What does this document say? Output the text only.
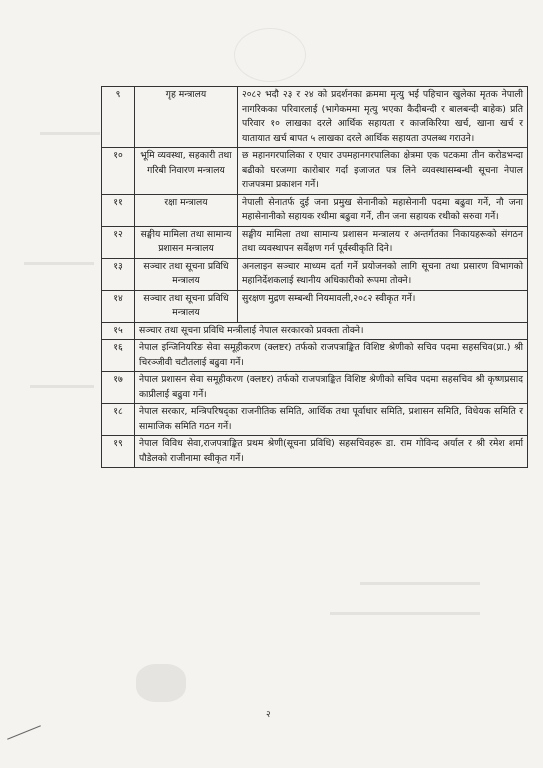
९	गृह मन्त्रालय	२०८२ भदौ २३ र २४ को प्रदर्शनका क्रममा मृत्यु भई पहिचान खुलेका मृतक नेपाली नागरिकका परिवारलाई (भागेकममा मृत्यु भएका कैदीबन्दी र बालबन्दी बाहेक) प्रति परिवार १० लाखका दरले आर्थिक सहायता र काजकिरिया खर्च, खाना खर्च र यातायात खर्च बापत ५ लाखका दरले आर्थिक सहायता उपलब्ध गराउने।
१०	भूमि व्यवस्था, सहकारी तथा गरिबी निवारण मन्त्रालय	छ महानगरपालिका र एघार उपमहानगरपालिका क्षेत्रमा एक पटकमा तीन करोडभन्दा बढीको घरजग्गा कारोबार गर्दा इजाजत पत्र लिने व्यवस्थासम्बन्धी सूचना नेपाल राजपत्रमा प्रकाशन गर्ने।
११	रक्षा मन्त्रालय	नेपाली सेनातर्फ दुई जना प्रमुख सेनानीको महासेनानी पदमा बढुवा गर्ने, नौ जना महासेनानीको सहायक रथीमा बढुवा गर्ने, तीन जना सहायक रथीको सरुवा गर्ने।
१२	सङ्घीय मामिला तथा सामान्य प्रशासन मन्त्रालय	सङ्घीय मामिला तथा सामान्य प्रशासन मन्त्रालय र अन्तर्गतका निकायहरूको संगठन तथा व्यवस्थापन सर्वेक्षण गर्न पूर्वस्वीकृति दिने।
१३	सञ्चार तथा सूचना प्रविधि मन्त्रालय	अनलाइन सञ्चार माध्यम दर्ता गर्ने प्रयोजनको लागि सूचना तथा प्रसारण विभागको महानिर्देशकलाई स्थानीय अधिकारीको रूपमा तोक्ने।
१४	सञ्चार तथा सूचना प्रविधि मन्त्रालय	सुरक्षण मुद्रण सम्बन्धी नियमावली,२०८२ स्वीकृत गर्ने।
१५	सञ्चार तथा सूचना प्रविधि मन्त्रीलाई नेपाल सरकारको प्रवक्ता तोक्ने।	
१६	नेपाल इन्जिनियरिङ सेवा समूहीकरण (क्लष्टर) तर्फको राजपत्राङ्कित विशिष्ट श्रेणीको सचिव पदमा सहसचिव(प्रा.) श्री चिरञ्जीवी चटौतलाई बढुवा गर्ने।	
१७	नेपाल प्रशासन सेवा समूहीकरण (क्लष्टर) तर्फको राजपत्राङ्कित विशिष्ट श्रेणीको सचिव पदमा सहसचिव श्री कृष्णप्रसाद काप्रीलाई बढुवा गर्ने।	
१८	नेपाल सरकार, मन्त्रिपरिषद्का राजनीतिक समिति, आर्थिक तथा पूर्वाधार समिति, प्रशासन समिति, विधेयक समिति र सामाजिक समिति गठन गर्ने।	
१९	नेपाल विविध सेवा,राजपत्राङ्कित प्रथम श्रेणी(सूचना प्रविधि) सहसचिवहरू डा. राम गोविन्द अर्याल र श्री रमेश शर्मा पौडेलको राजीनामा स्वीकृत गर्ने।	
२
